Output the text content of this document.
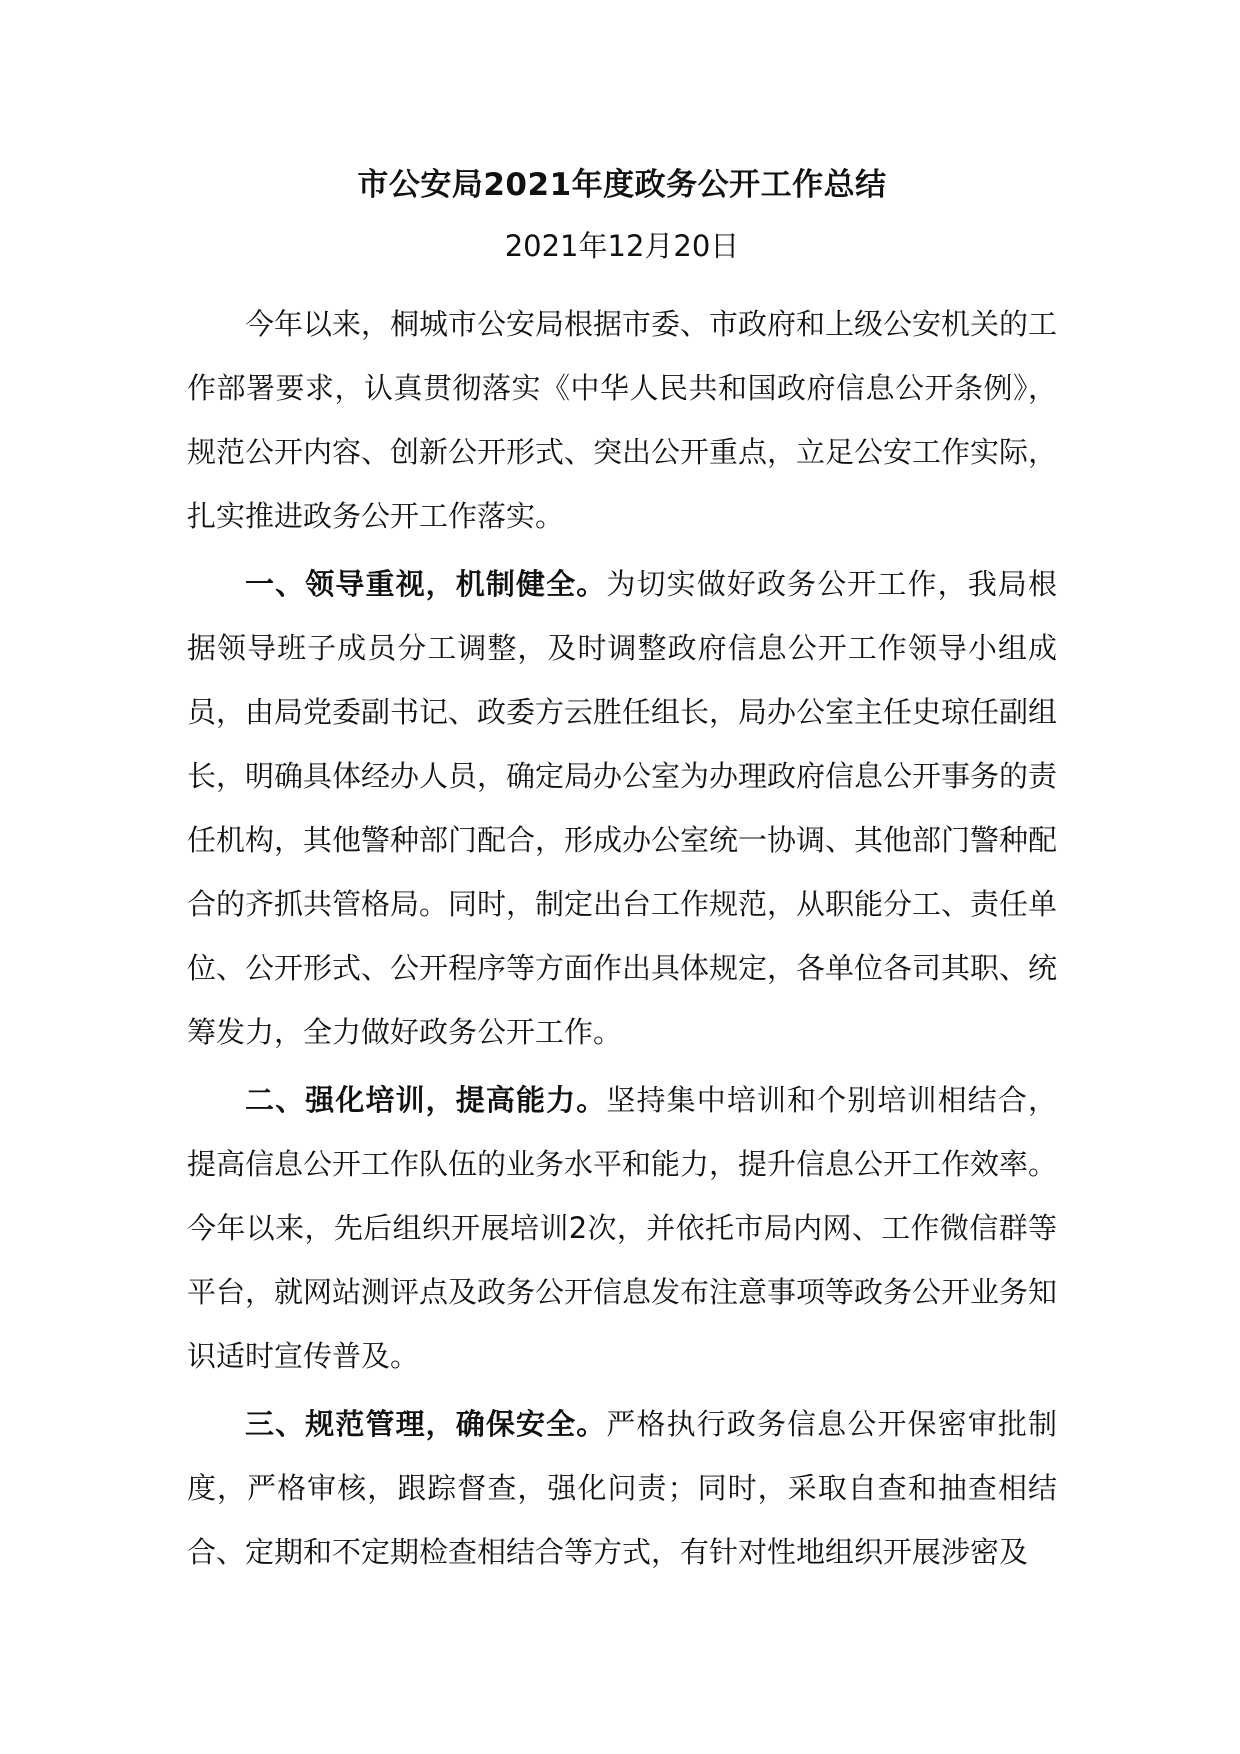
市公安局2021年度政务公开工作总结
2021年12月20日

今年以来，桐城市公安局根据市委、市政府和上级公安机关的工作部署要求，认真贯彻落实《中华人民共和国政府信息公开条例》，规范公开内容、创新公开形式、突出公开重点，立足公安工作实际，扎实推进政务公开工作落实。

一、领导重视，机制健全。为切实做好政务公开工作，我局根据领导班子成员分工调整，及时调整政府信息公开工作领导小组成员，由局党委副书记、政委方云胜任组长，局办公室主任史琼任副组长，明确具体经办人员，确定局办公室为办理政府信息公开事务的责任机构，其他警种部门配合，形成办公室统一协调、其他部门警种配合的齐抓共管格局。同时，制定出台工作规范，从职能分工、责任单位、公开形式、公开程序等方面作出具体规定，各单位各司其职、统筹发力，全力做好政务公开工作。

二、强化培训，提高能力。坚持集中培训和个别培训相结合，提高信息公开工作队伍的业务水平和能力，提升信息公开工作效率。今年以来，先后组织开展培训2次，并依托市局内网、工作微信群等平台，就网站测评点及政务公开信息发布注意事项等政务公开业务知识适时宣传普及。

三、规范管理，确保安全。严格执行政务信息公开保密审批制度，严格审核，跟踪督查，强化问责；同时，采取自查和抽查相结合、定期和不定期检查相结合等方式，有针对性地组织开展涉密及
